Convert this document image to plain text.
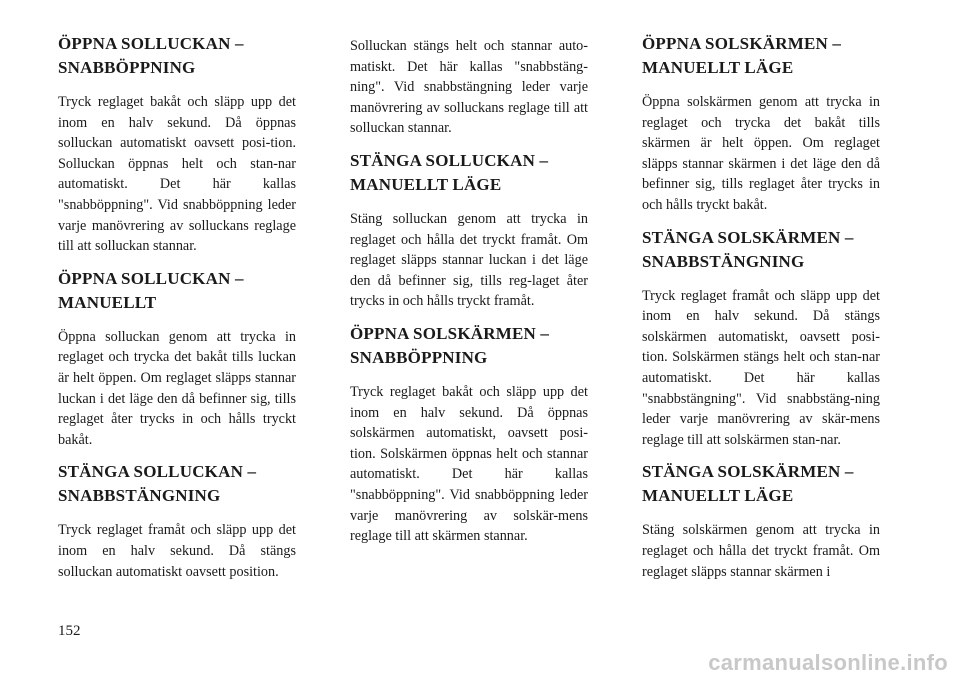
ÖPPNA SOLLUCKAN –
SNABBÖPPNING

Tryck reglaget bakåt och släpp upp det inom en halv sekund. Då öppnas solluckan automatiskt oavsett posi-tion. Solluckan öppnas helt och stan-nar automatiskt. Det här kallas "snabböppning". Vid snabböppning leder varje manövrering av solluckans reglage till att solluckan stannar.

ÖPPNA SOLLUCKAN –
MANUELLT

Öppna solluckan genom att trycka in reglaget och trycka det bakåt tills luckan är helt öppen. Om reglaget släpps stannar luckan i det läge den då befinner sig, tills reglaget åter trycks in och hålls tryckt bakåt.

STÄNGA SOLLUCKAN –
SNABBSTÄNGNING

Tryck reglaget framåt och släpp upp det inom en halv sekund. Då stängs solluckan automatiskt oavsett position.

Solluckan stängs helt och stannar auto-matiskt. Det här kallas "snabbstäng-ning". Vid snabbstängning leder varje manövrering av solluckans reglage till att solluckan stannar.

STÄNGA SOLLUCKAN –
MANUELLT LÄGE

Stäng solluckan genom att trycka in reglaget och hålla det tryckt framåt. Om reglaget släpps stannar luckan i det läge den då befinner sig, tills reg-laget åter trycks in och hålls tryckt framåt.

ÖPPNA SOLSKÄRMEN –
SNABBÖPPNING

Tryck reglaget bakåt och släpp upp det inom en halv sekund. Då öppnas solskärmen automatiskt, oavsett posi-tion. Solskärmen öppnas helt och stannar automatiskt. Det här kallas "snabböppning". Vid snabböppning leder varje manövrering av solskär-mens reglage till att skärmen stannar.

ÖPPNA SOLSKÄRMEN –
MANUELLT LÄGE

Öppna solskärmen genom att trycka in reglaget och trycka det bakåt tills skärmen är helt öppen. Om reglaget släpps stannar skärmen i det läge den då befinner sig, tills reglaget åter trycks in och hålls tryckt bakåt.

STÄNGA SOLSKÄRMEN –
SNABBSTÄNGNING

Tryck reglaget framåt och släpp upp det inom en halv sekund. Då stängs solskärmen automatiskt, oavsett posi-tion. Solskärmen stängs helt och stan-nar automatiskt. Det här kallas "snabbstängning". Vid snabbstäng-ning leder varje manövrering av skär-mens reglage till att solskärmen stan-nar.

STÄNGA SOLSKÄRMEN –
MANUELLT LÄGE

Stäng solskärmen genom att trycka in reglaget och hålla det tryckt framåt. Om reglaget släpps stannar skärmen i

152
carmanualsonline.info
